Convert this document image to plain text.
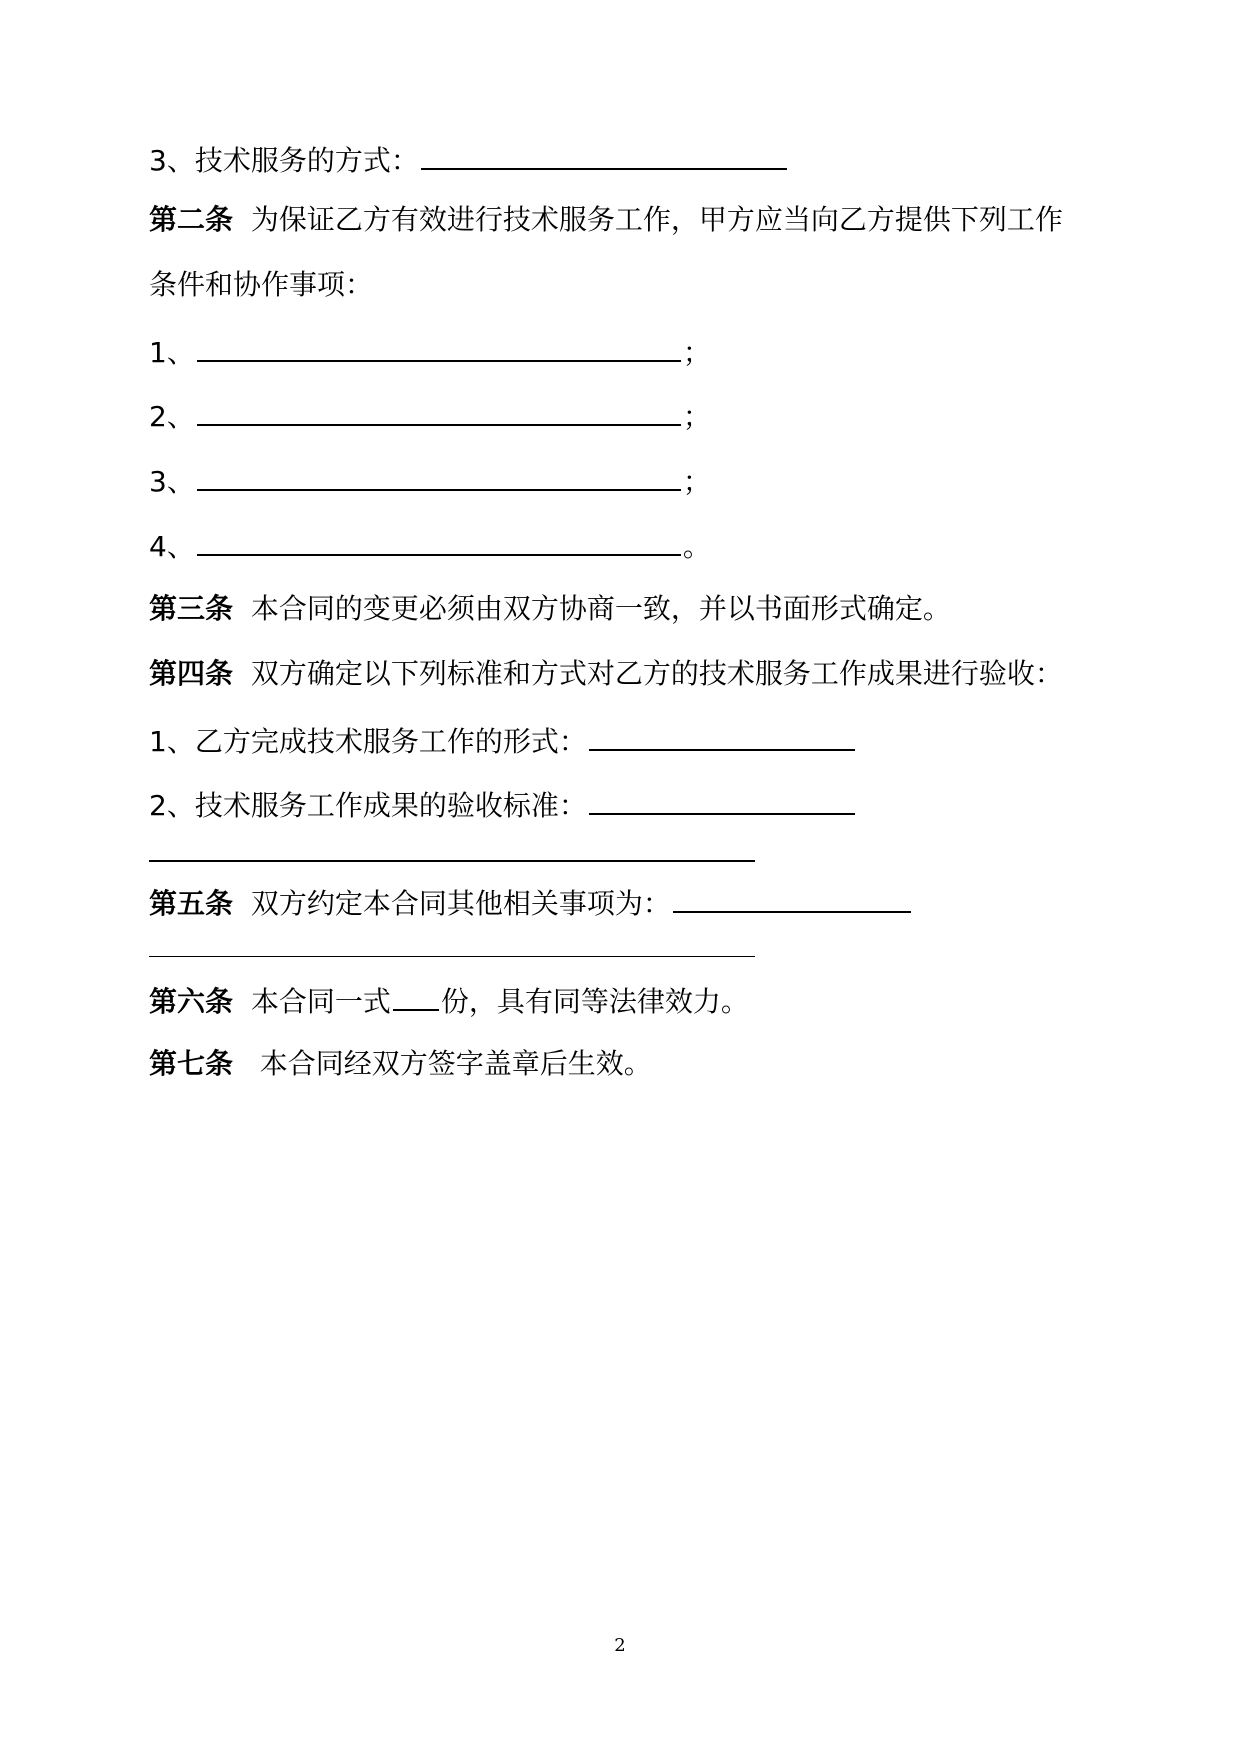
3、技术服务的方式：
第二条 为保证乙方有效进行技术服务工作，甲方应当向乙方提供下列工作
条件和协作事项：
1、	；
2、	；
3、	；
4、	。
第三条 本合同的变更必须由双方协商一致，并以书面形式确定。
第四条 双方确定以下列标准和方式对乙方的技术服务工作成果进行验收：
1、乙方完成技术服务工作的形式：
2、技术服务工作成果的验收标准：
第五条 双方约定本合同其他相关事项为：
第六条 本合同一式 份，具有同等法律效力。
第七条 本合同经双方签字盖章后生效。
2
